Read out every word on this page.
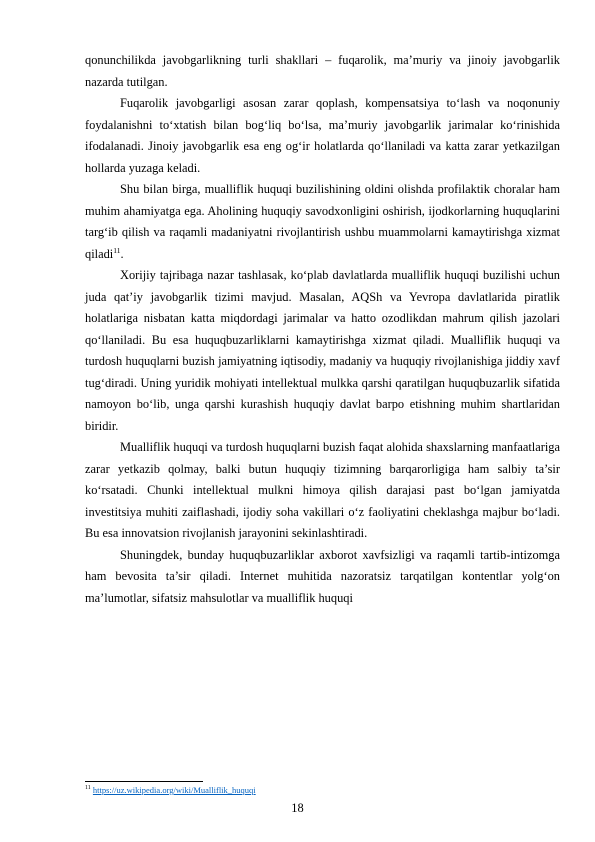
qonunchilikda javobgarlikning turli shakllari – fuqarolik, ma’muriy va jinoiy javobgarlik nazarda tutilgan.

Fuqarolik javobgarligi asosan zarar qoplash, kompensatsiya to‘lash va noqonuniy foydalanishni to‘xtatish bilan bog‘liq bo‘lsa, ma’muriy javobgarlik jarimalar ko‘rinishida ifodalanadi. Jinoiy javobgarlik esa eng og‘ir holatlarda qo‘llaniladi va katta zarar yetkazilgan hollarda yuzaga keladi.

Shu bilan birga, mualliflik huquqi buzilishining oldini olishda profilaktik choralar ham muhim ahamiyatga ega. Aholining huquqiy savodxonligini oshirish, ijodkorlarning huquqlarini targ‘ib qilish va raqamli madaniyatni rivojlantirish ushbu muammolarni kamaytirishga xizmat qiladi$^{11}$.

Xorijiy tajribaga nazar tashlasak, ko‘plab davlatlarda mualliflik huquqi buzilishi uchun juda qat’iy javobgarlik tizimi mavjud. Masalan, AQSh va Yevropa davlatlarida piratlik holatlariga nisbatan katta miqdordagi jarimalar va hatto ozodlikdan mahrum qilish jazolari qo‘llaniladi. Bu esa huquqbuzarliklarni kamaytirishga xizmat qiladi. Mualliflik huquqi va turdosh huquqlarni buzish jamiyatning iqtisodiy, madaniy va huquqiy rivojlanishiga jiddiy xavf tug‘diradi. Uning yuridik mohiyati intellektual mulkka qarshi qaratilgan huquqbuzarlik sifatida namoyon bo‘lib, unga qarshi kurashish huquqiy davlat barpo etishning muhim shartlaridan biridir.

Mualliflik huquqi va turdosh huquqlarni buzish faqat alohida shaxslarning manfaatlariga zarar yetkazib qolmay, balki butun huquqiy tizimning barqarorligiga ham salbiy ta’sir ko‘rsatadi. Chunki intellektual mulkni himoya qilish darajasi past bo‘lgan jamiyatda investitsiya muhiti zaiflashadi, ijodiy soha vakillari o‘z faoliyatini cheklashga majbur bo‘ladi. Bu esa innovatsion rivojlanish jarayonini sekinlashtiradi.

Shuningdek, bunday huquqbuzarliklar axborot xavfsizligi va raqamli tartib-intizomga ham bevosita ta’sir qiladi. Internet muhitida nazoratsiz tarqatilgan kontentlar yolg‘on ma’lumotlar, sifatsiz mahsulotlar va mualliflik huquqi

$^{11}$ https://uz.wikipedia.org/wiki/Mualliflik_huquqi
18
